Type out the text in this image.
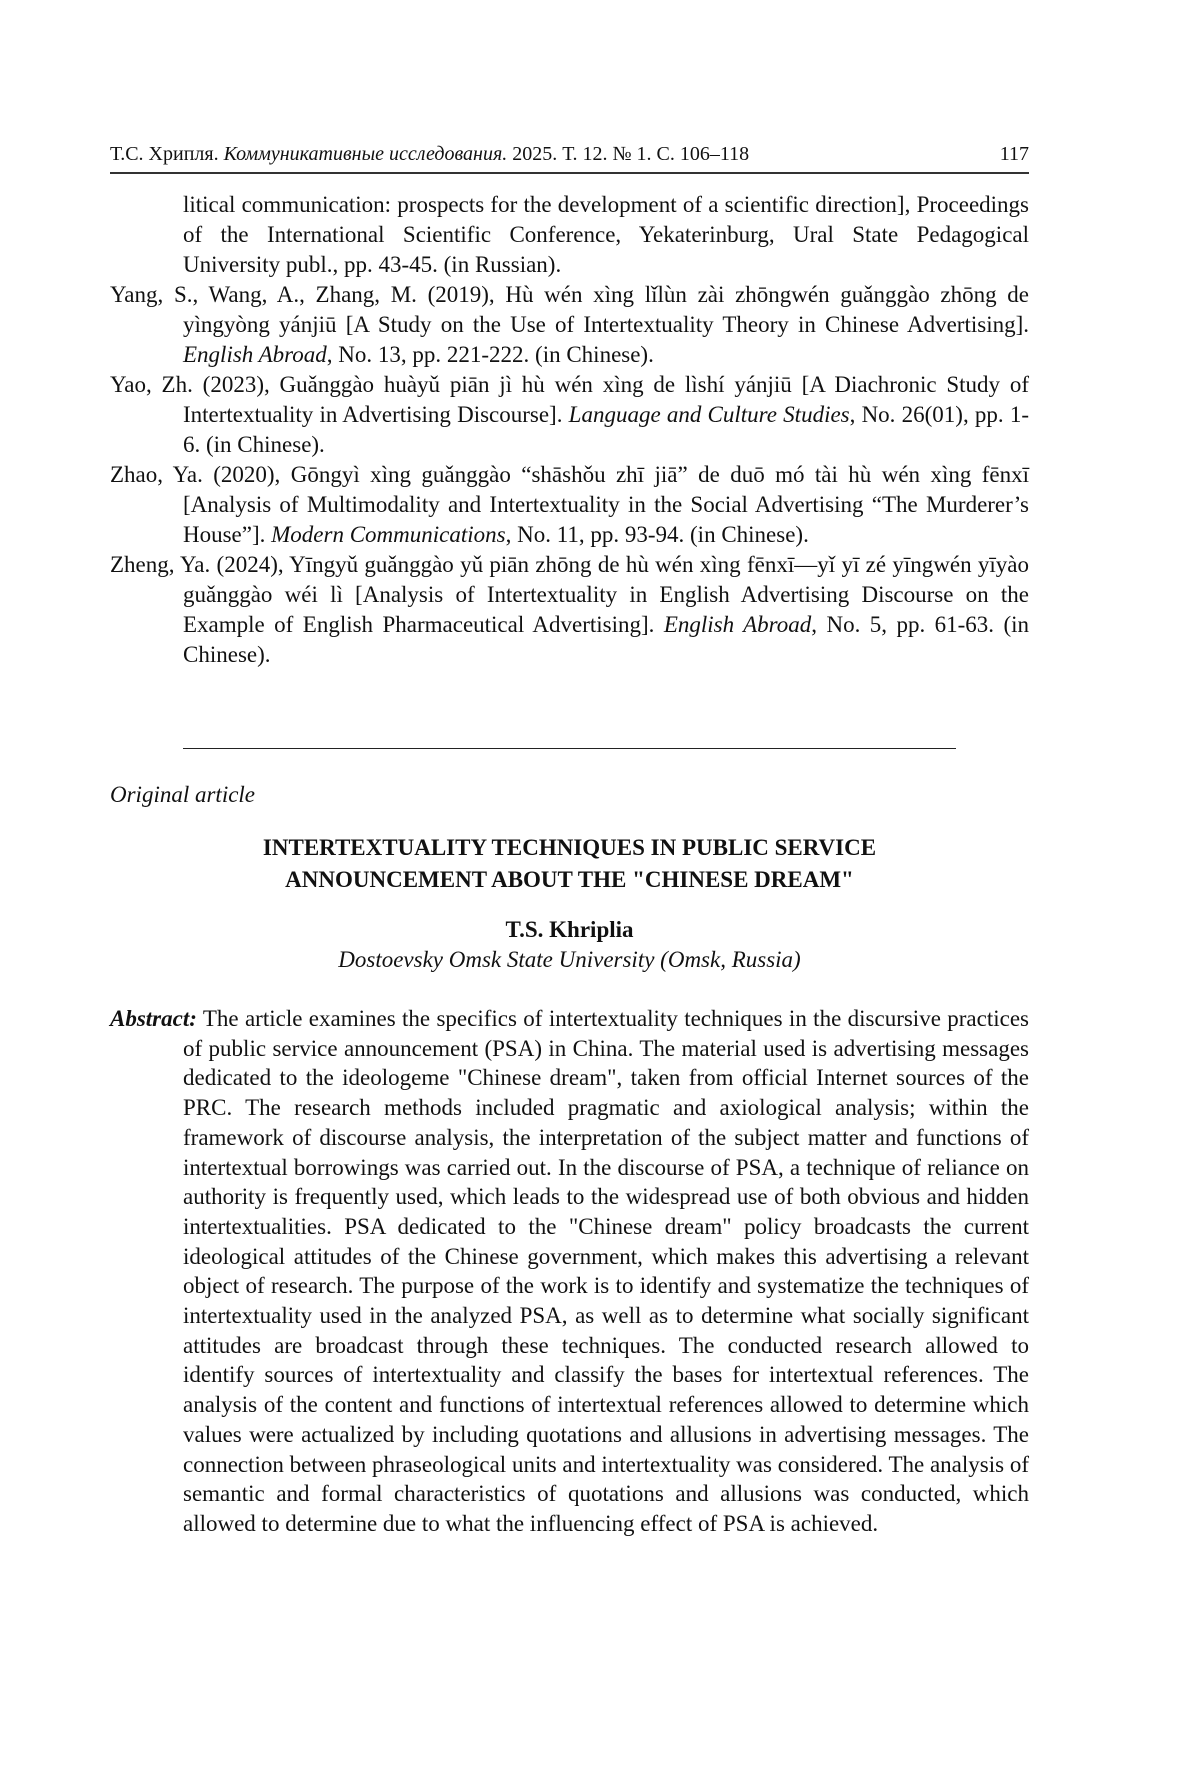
Т.С. Хрипля. Коммуникативные исследования. 2025. Т. 12. № 1. С. 106–118	117

litical communication: prospects for the development of a scientific direction], Proceedings of the International Scientific Conference, Yekaterinburg, Ural State Pedagogical University publ., pp. 43-45. (in Russian).

Yang, S., Wang, A., Zhang, M. (2019), Hù wén xìng lǐlùn zài zhōngwén guǎnggào zhōng de yìngyòng yánjiū [A Study on the Use of Intertextuality Theory in Chinese Advertising]. English Abroad, No. 13, pp. 221-222. (in Chinese).

Yao, Zh. (2023), Guǎnggào huàyǔ piān jì hù wén xìng de lìshí yánjiū [A Diachronic Study of Intertextuality in Advertising Discourse]. Language and Culture Studies, No. 26(01), pp. 1-6. (in Chinese).

Zhao, Ya. (2020), Gōngyì xìng guǎnggào “shāshǒu zhī jiā” de duō mó tài hù wén xìng fēnxī [Analysis of Multimodality and Intertextuality in the Social Advertising “The Murderer’s House”]. Modern Communications, No. 11, pp. 93-94. (in Chinese).

Zheng, Ya. (2024), Yīngyǔ guǎnggào yǔ piān zhōng de hù wén xìng fēnxī—yǐ yī zé yīngwén yīyào guǎnggào wéi lì [Analysis of Intertextuality in English Advertising Discourse on the Example of English Pharmaceutical Advertising]. English Abroad, No. 5, pp. 61-63. (in Chinese).

Original article
INTERTEXTUALITY TECHNIQUES IN PUBLIC SERVICE
ANNOUNCEMENT ABOUT THE "CHINESE DREAM"
T.S. Khriplia
Dostoevsky Omsk State University (Omsk, Russia)

Abstract: The article examines the specifics of intertextuality techniques in the discursive practices of public service announcement (PSA) in China. The material used is advertising messages dedicated to the ideologeme "Chinese dream", taken from official Internet sources of the PRC. The research methods included pragmatic and axiological analysis; within the framework of discourse analysis, the interpretation of the subject matter and functions of intertextual borrowings was carried out. In the discourse of PSA, a technique of reliance on authority is frequently used, which leads to the widespread use of both obvious and hidden intertextualities. PSA dedicated to the "Chinese dream" policy broadcasts the current ideological attitudes of the Chinese government, which makes this advertising a relevant object of research. The purpose of the work is to identify and systematize the techniques of intertextuality used in the analyzed PSA, as well as to determine what socially significant attitudes are broadcast through these techniques. The conducted research allowed to identify sources of intertextuality and classify the bases for intertextual references. The analysis of the content and functions of intertextual references allowed to determine which values were actualized by including quotations and allusions in advertising messages. The connection between phraseological units and intertextuality was considered. The analysis of semantic and formal characteristics of quotations and allusions was conducted, which allowed to determine due to what the influencing effect of PSA is achieved.
